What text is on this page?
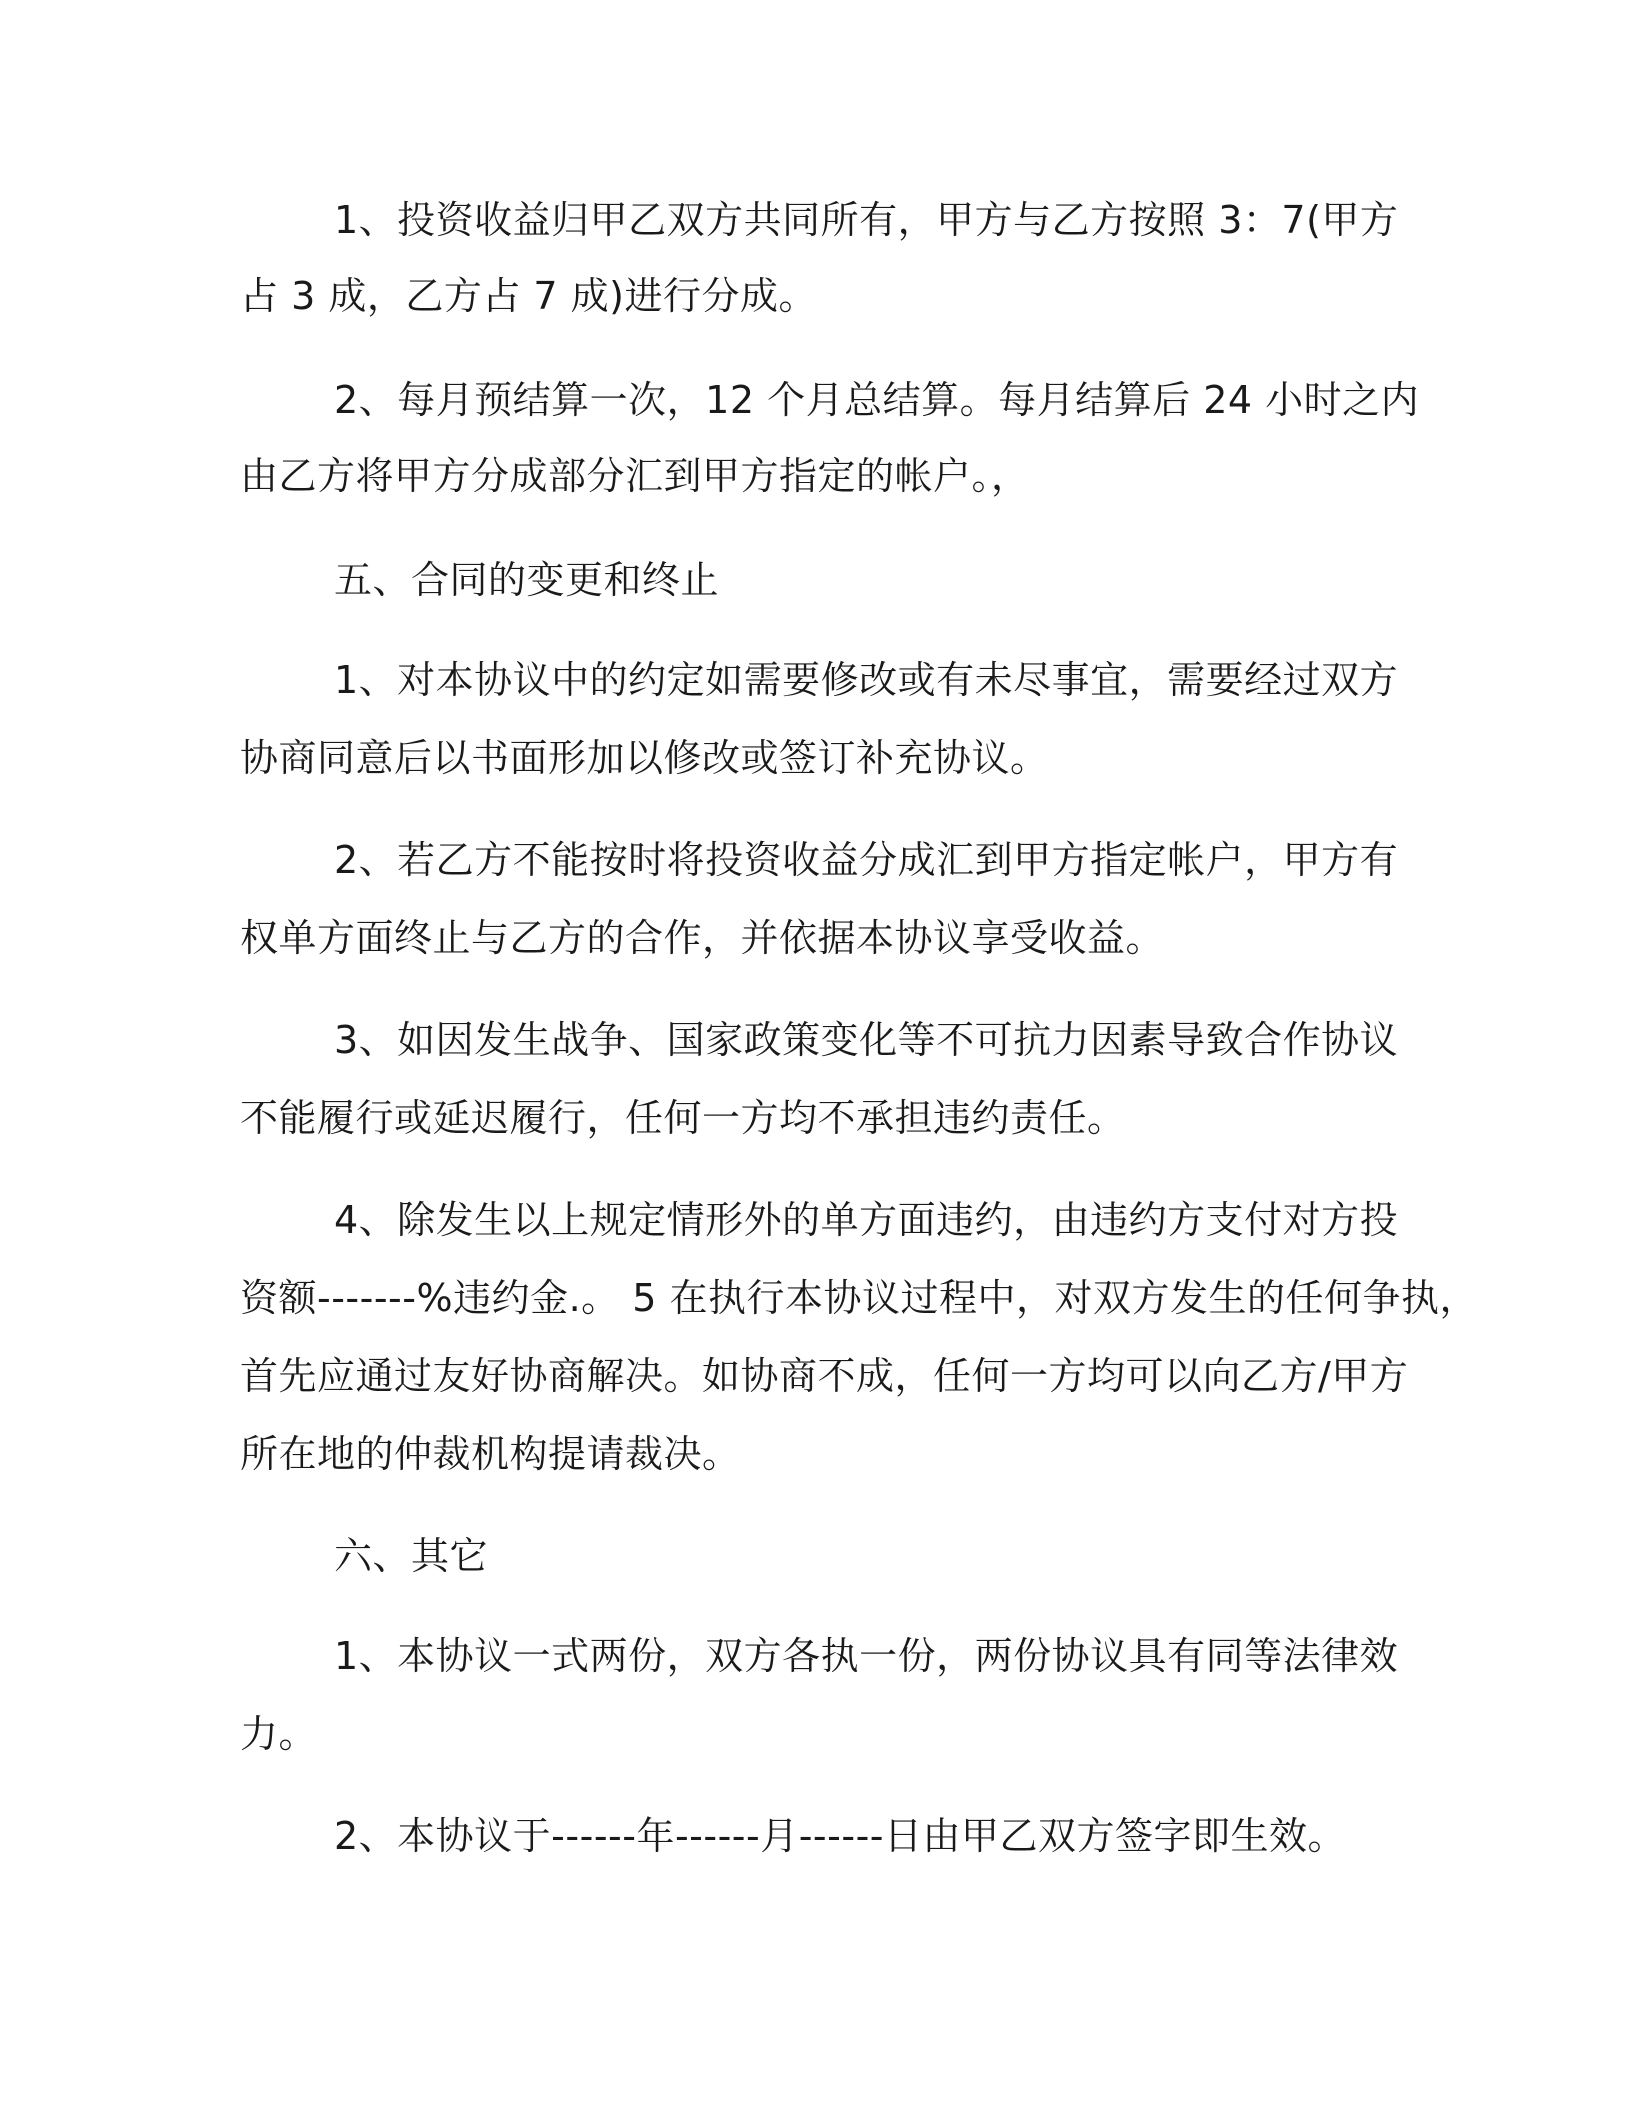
1、投资收益归甲乙双方共同所有，甲方与乙方按照 3：7(甲方
占 3 成，乙方占 7 成)进行分成。
2、每月预结算一次，12 个月总结算。每月结算后 24 小时之内
由乙方将甲方分成部分汇到甲方指定的帐户。，
五、合同的变更和终止
1、对本协议中的约定如需要修改或有未尽事宜，需要经过双方
协商同意后以书面形加以修改或签订补充协议。
2、若乙方不能按时将投资收益分成汇到甲方指定帐户，甲方有
权单方面终止与乙方的合作，并依据本协议享受收益。
3、如因发生战争、国家政策变化等不可抗力因素导致合作协议
不能履行或延迟履行，任何一方均不承担违约责任。
4、除发生以上规定情形外的单方面违约，由违约方支付对方投
资额-------%违约金.。 5 在执行本协议过程中，对双方发生的任何争执，
首先应通过友好协商解决。如协商不成，任何一方均可以向乙方/甲方
所在地的仲裁机构提请裁决。
六、其它
1、本协议一式两份，双方各执一份，两份协议具有同等法律效
力。
2、本协议于------年------月------日由甲乙双方签字即生效。
